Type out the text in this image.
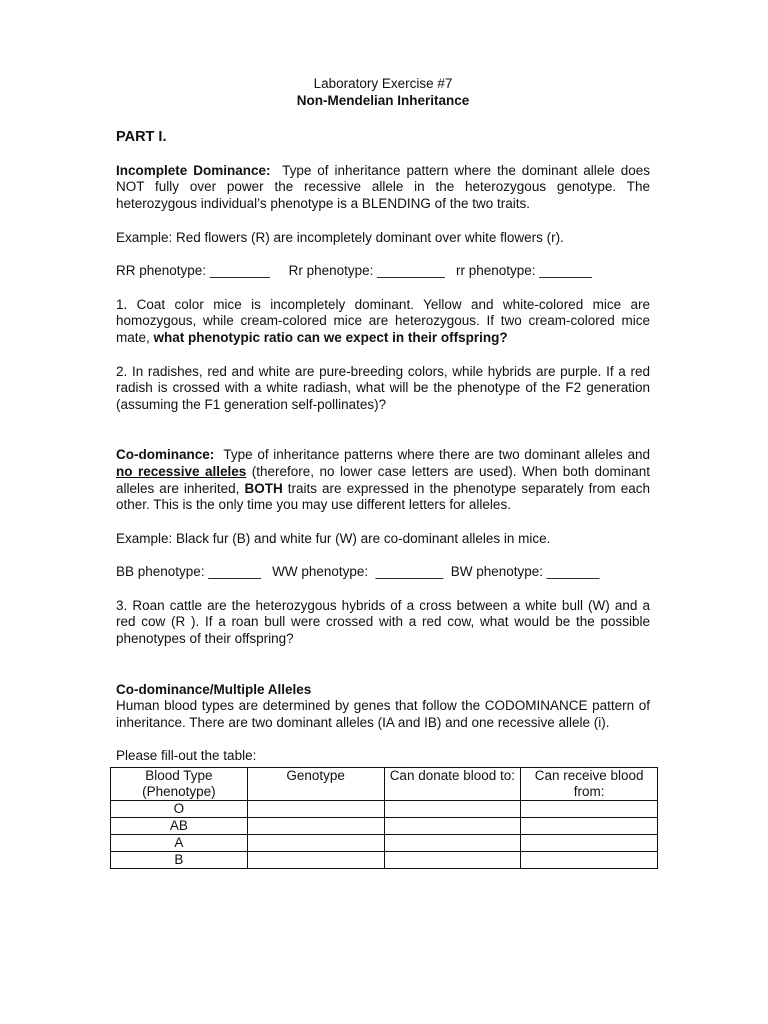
Laboratory Exercise #7
Non-Mendelian Inheritance
PART I.

Incomplete Dominance: Type of inheritance pattern where the dominant allele does NOT fully over power the recessive allele in the heterozygous genotype. The heterozygous individual’s phenotype is a BLENDING of the two traits.

Example: Red flowers (R) are incompletely dominant over white flowers (r).

RR phenotype: ________     Rr phenotype: _________   rr phenotype: _______

1. Coat color mice is incompletely dominant. Yellow and white-colored mice are homozygous, while cream-colored mice are heterozygous. If two cream-colored mice mate, what phenotypic ratio can we expect in their offspring?

2. In radishes, red and white are pure-breeding colors, while hybrids are purple. If a red radish is crossed with a white radiash, what will be the phenotype of the F2 generation (assuming the F1 generation self-pollinates)?

Co-dominance: Type of inheritance patterns where there are two dominant alleles and no recessive alleles (therefore, no lower case letters are used). When both dominant alleles are inherited, BOTH traits are expressed in the phenotype separately from each other. This is the only time you may use different letters for alleles.

Example: Black fur (B) and white fur (W) are co-dominant alleles in mice.

BB phenotype: _______   WW phenotype:  _________  BW phenotype: _______

3. Roan cattle are the heterozygous hybrids of a cross between a white bull (W) and a red cow (R ). If a roan bull were crossed with a red cow, what would be the possible phenotypes of their offspring?

Co-dominance/Multiple Alleles

Human blood types are determined by genes that follow the CODOMINANCE pattern of inheritance. There are two dominant alleles (IA and IB) and one recessive allele (i).

Please fill-out the table:

Blood Type (Phenotype)	Genotype	Can donate blood to:	Can receive blood from:
O			
AB			
A			
B			
